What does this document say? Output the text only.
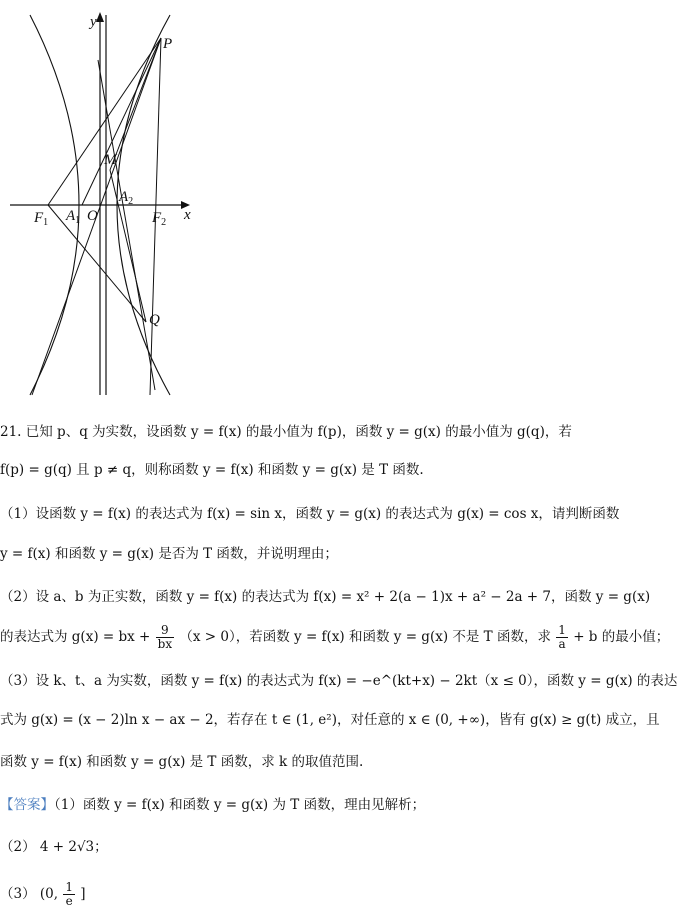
y
P
M
$A_2$
$F_1$ $A_1$ O	$F_2$ x
Q
21. 已知 p、q 为实数，设函数 y = f(x) 的最小值为 f(p)，函数 y = g(x) 的最小值为 g(q)，若
f(p) = g(q) 且 p ≠ q，则称函数 y = f(x) 和函数 y = g(x) 是 T 函数.
（1）设函数 y = f(x) 的表达式为 f(x) = sin x，函数 y = g(x) 的表达式为 g(x) = cos x，请判断函数
y = f(x) 和函数 y = g(x) 是否为 T 函数，并说明理由；
（2）设 a、b 为正实数，函数 y = f(x) 的表达式为 f(x) = x² + 2(a − 1)x + a² − 2a + 7，函数 y = g(x)
的表达式为 g(x) = bx + $\frac{9}{bx} (x > 0)$，若函数 y = f(x) 和函数 y = g(x) 不是 T 函数，求 $\frac{1}{a} + b$ 的最小值；
（3）设 k、t、a 为实数，函数 y = f(x) 的表达式为 f(x) = −e^(kt+x) − 2kt（x ≤ 0），函数 y = g(x) 的表达
式为 g(x) = (x − 2)ln x − ax − 2，若存在 t ∈ (1, e²)，对任意的 x ∈ (0, +∞)，皆有 g(x) ≥ g(t) 成立，且
函数 y = f(x) 和函数 y = g(x) 是 T 函数，求 k 的取值范围.
【答案】（1）函数 y = f(x) 和函数 y = g(x) 为 T 函数，理由见解析；
（2） 4 + 2√3；
（3） (0, $\frac{1}{e}$ ]
